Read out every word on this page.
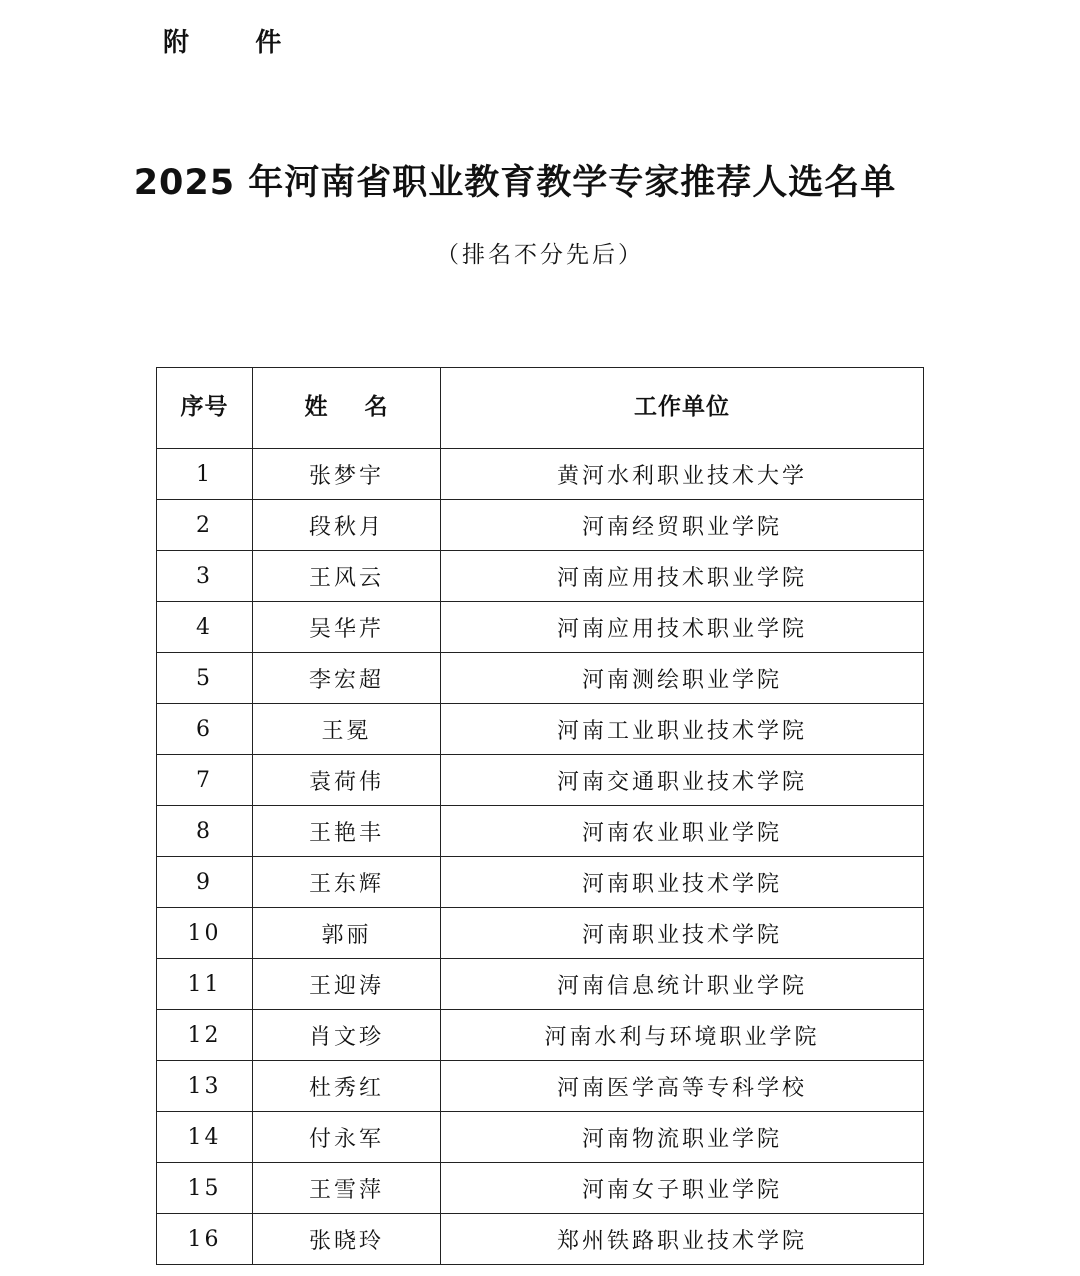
附    件
2025 年河南省职业教育教学专家推荐人选名单
（排名不分先后）
序号	姓    名	工作单位
1	张梦宇	黄河水利职业技术大学
2	段秋月	河南经贸职业学院
3	王风云	河南应用技术职业学院
4	吴华芹	河南应用技术职业学院
5	李宏超	河南测绘职业学院
6	王冕	河南工业职业技术学院
7	袁荷伟	河南交通职业技术学院
8	王艳丰	河南农业职业学院
9	王东辉	河南职业技术学院
10	郭丽	河南职业技术学院
11	王迎涛	河南信息统计职业学院
12	肖文珍	河南水利与环境职业学院
13	杜秀红	河南医学高等专科学校
14	付永军	河南物流职业学院
15	王雪萍	河南女子职业学院
16	张晓玲	郑州铁路职业技术学院
